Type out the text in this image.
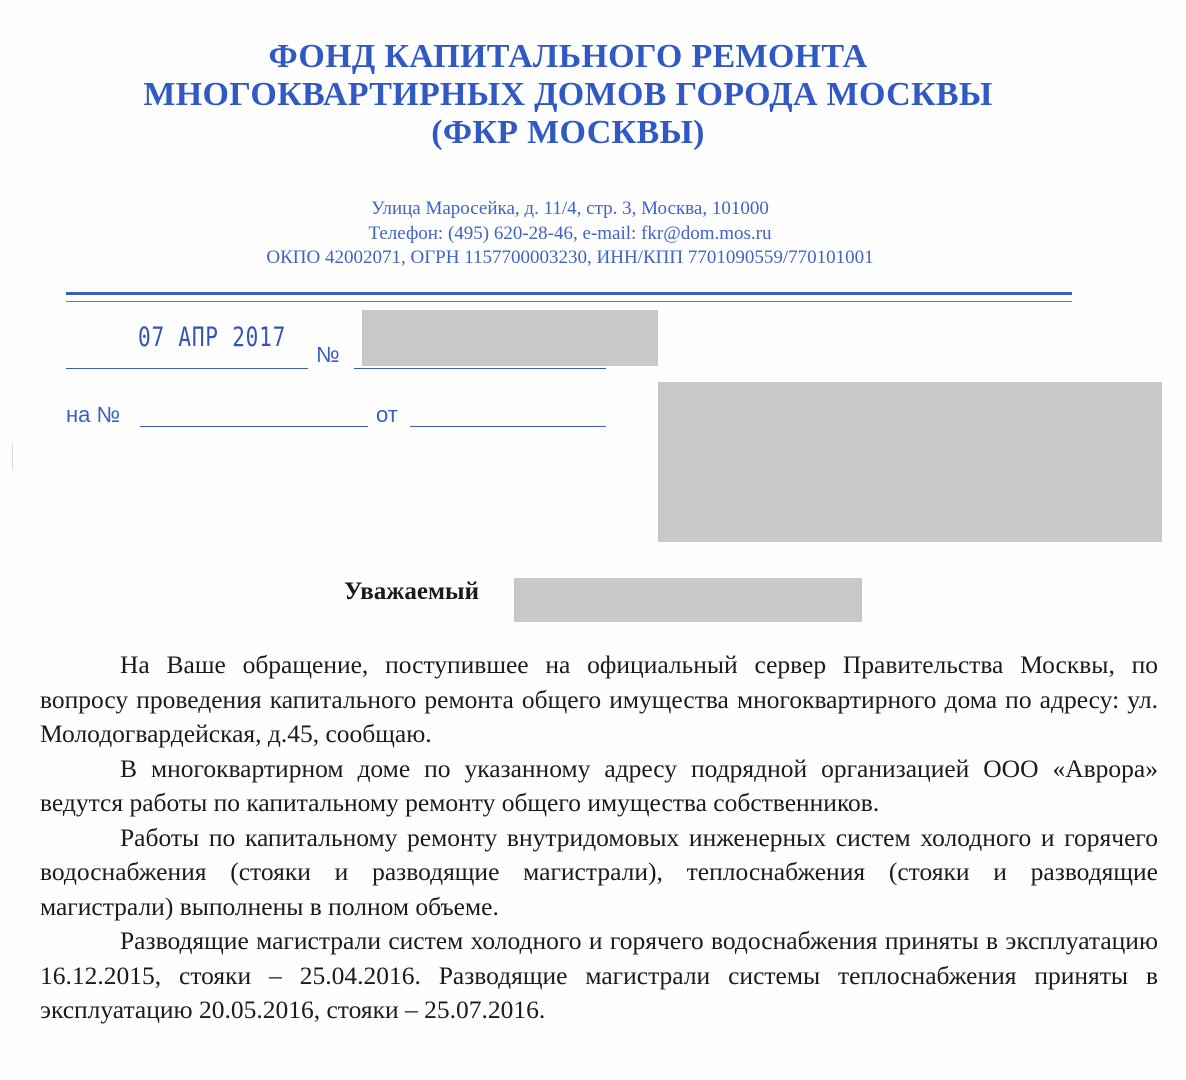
ФОНД КАПИТАЛЬНОГО РЕМОНТА
МНОГОКВАРТИРНЫХ ДОМОВ ГОРОДА МОСКВЫ
(ФКР МОСКВЫ)
Улица Маросейка, д. 11/4, стр. 3, Москва, 101000
Телефон: (495) 620-28-46, e-mail: fkr@dom.mos.ru
ОКПО 42002071, ОГРН 1157700003230, ИНН/КПП 7701090559/770101001
07 АПР 2017
№
на №	от
Уважаемый

На Ваше обращение, поступившее на официальный сервер Правительства Москвы, по вопросу проведения капитального ремонта общего имущества многоквартирного дома по адресу: ул. Молодогвардейская, д.45, сообщаю.

В многоквартирном доме по указанному адресу подрядной организацией ООО «Аврора» ведутся работы по капитальному ремонту общего имущества собственников.

Работы по капитальному ремонту внутридомовых инженерных систем холодного и горячего водоснабжения (стояки и разводящие магистрали), теплоснабжения (стояки и разводящие магистрали) выполнены в полном объеме.

Разводящие магистрали систем холодного и горячего водоснабжения приняты в эксплуатацию 16.12.2015, стояки – 25.04.2016. Разводящие магистрали системы теплоснабжения приняты в эксплуатацию 20.05.2016, стояки – 25.07.2016.
